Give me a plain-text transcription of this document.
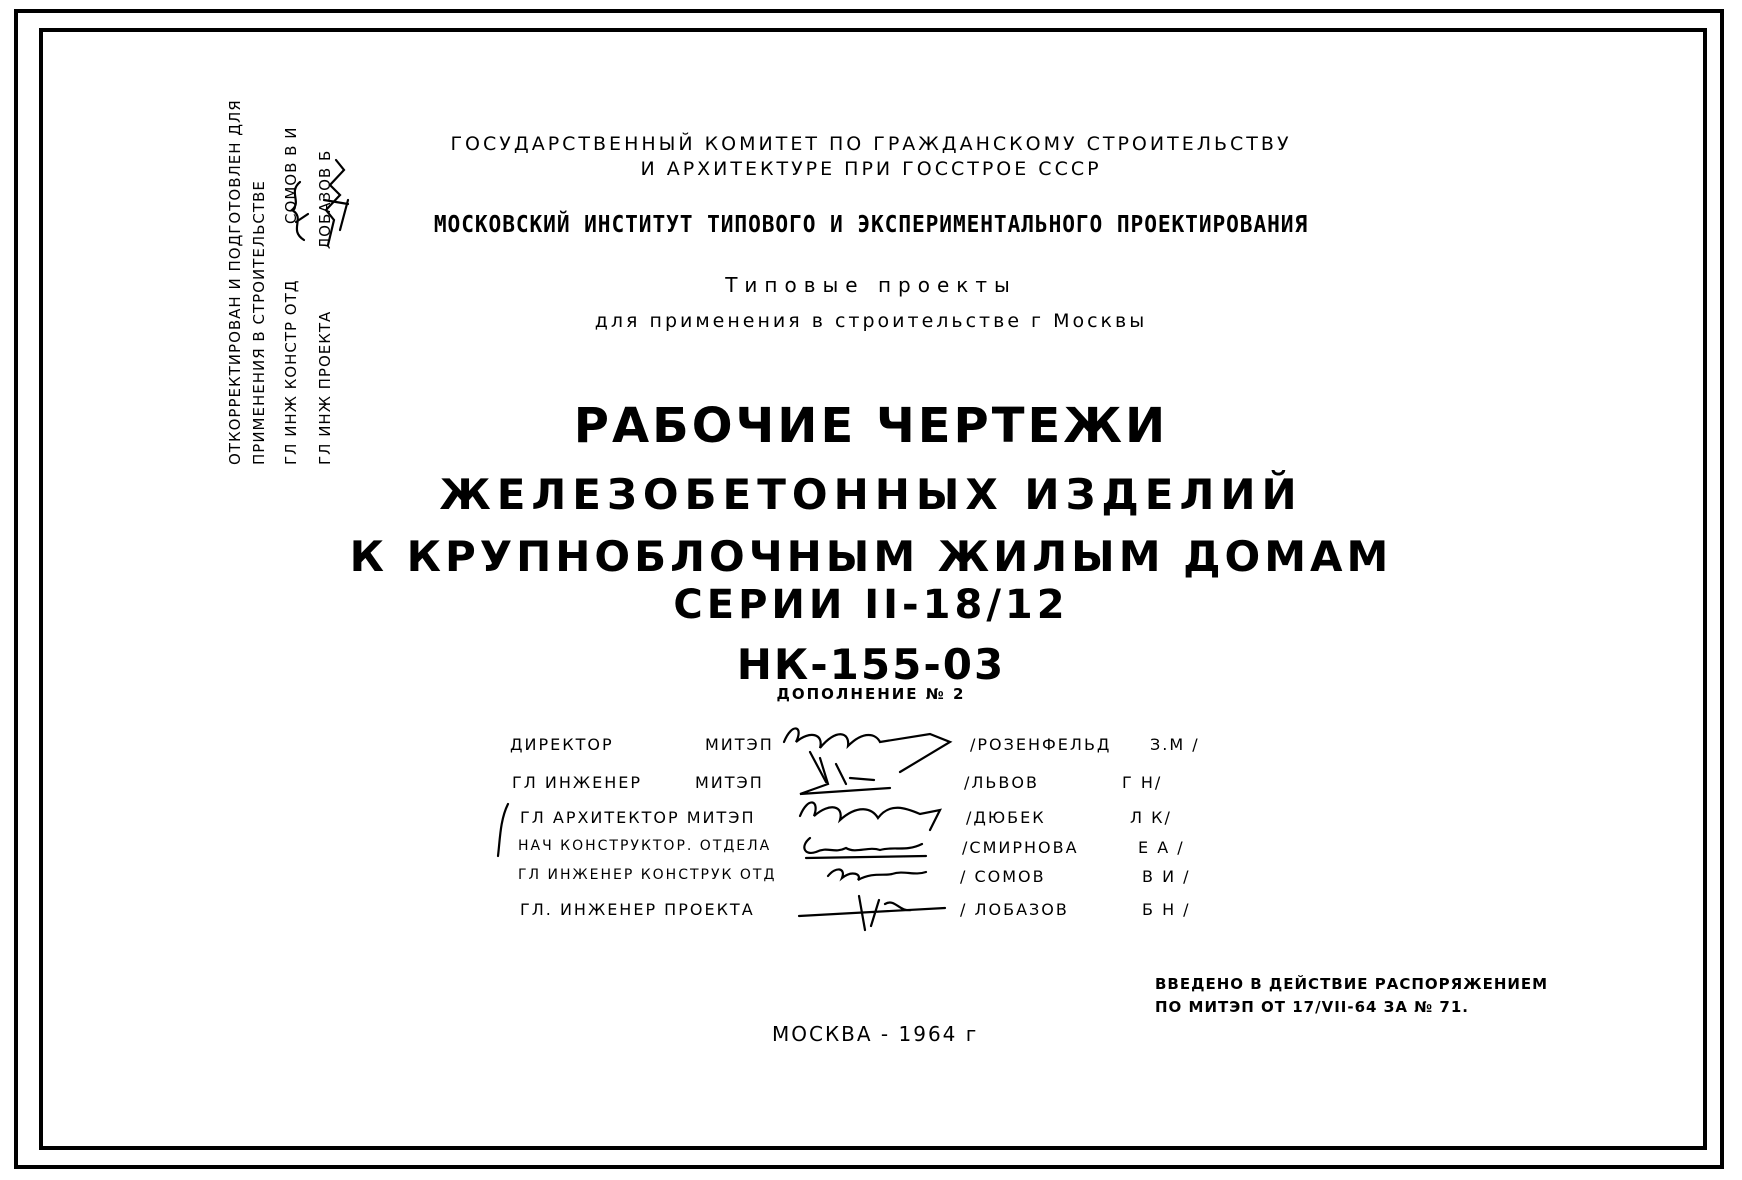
ОТКОРРЕКТИРОВАН И ПОДГОТОВЛЕН ДЛЯ ПРИМЕНЕНИЯ В СТРОИТЕЛЬСТВЕ ГЛ ИНЖ КОНСТР ОТД  СОМОВ В И
ГЛ ИНЖ ПРОЕКТА  ЛОБАЗОВ Б
ГОСУДАРСТВЕННЫЙ КОМИТЕТ ПО ГРАЖДАНСКОМУ СТРОИТЕЛЬСТВУ
И АРХИТЕКТУРЕ ПРИ ГОССТРОЕ СССР
МОСКОВСКИЙ ИНСТИТУТ ТИПОВОГО И ЭКСПЕРИМЕНТАЛЬНОГО ПРОЕКТИРОВАНИЯ
Типовые проекты
для применения в строительстве г Москвы
РАБОЧИЕ ЧЕРТЕЖИ
ЖЕЛЕЗОБЕТОННЫХ ИЗДЕЛИЙ
К КРУПНОБЛОЧНЫМ ЖИЛЫМ ДОМАМ
СЕРИИ II-18/12
НК-155-03
ДОПОЛНЕНИЕ № 2
ДИРЕКТОР	МИТЭП	/РОЗЕНФЕЛЬД З.М /
ГЛ ИНЖЕНЕР	МИТЭП	/ЛЬВОВ	Г Н/
ГЛ АРХИТЕКТОР МИТЭП	/ДЮБЕК	Л К/
НАЧ КОНСТРУКТОР. ОТДЕЛА	/СМИРНОВА	Е А /
ГЛ ИНЖЕНЕР КОНСТРУК ОТД	/ СОМОВ	В И /
ГЛ. ИНЖЕНЕР ПРОЕКТА	/ ЛОБАЗОВ	Б Н /
ВВЕДЕНО В ДЕЙСТВИЕ РАСПОРЯЖЕНИЕМ
ПО МИТЭП ОТ 17/VII-64 ЗА № 71.
МОСКВА - 1964 г
